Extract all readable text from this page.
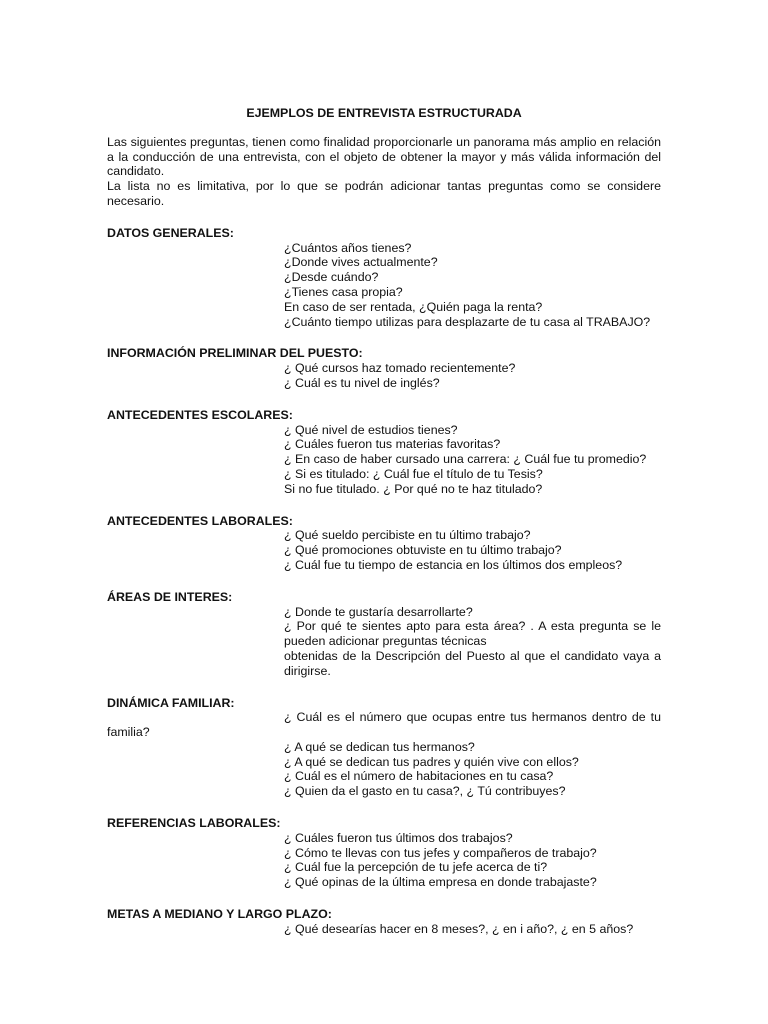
EJEMPLOS DE ENTREVISTA ESTRUCTURADA

Las siguientes preguntas, tienen como finalidad proporcionarle un panorama más amplio en relación a la conducción de una entrevista, con el objeto de obtener la mayor y más válida información del candidato.

La lista no es limitativa, por lo que se podrán adicionar tantas preguntas como se considere necesario.

DATOS GENERALES:

¿Cuántos años tienes?
¿Donde vives actualmente?
¿Desde cuándo?
¿Tienes casa propia?
En caso de ser rentada, ¿Quién paga la renta?
¿Cuánto tiempo utilizas para desplazarte de tu casa al TRABAJO?

INFORMACIÓN PRELIMINAR DEL PUESTO:

¿ Qué cursos haz tomado recientemente?
¿ Cuál es tu nivel de inglés?

ANTECEDENTES ESCOLARES:

¿ Qué nivel de estudios tienes?
¿ Cuáles fueron tus materias favoritas?
¿ En caso de haber cursado una carrera: ¿ Cuál fue tu promedio?
¿ Si es titulado: ¿ Cuál fue el título de tu Tesis?
Si no fue titulado. ¿ Por qué no te haz titulado?

ANTECEDENTES LABORALES:

¿ Qué sueldo percibiste en tu último trabajo?
¿ Qué promociones obtuviste en tu último trabajo?
¿ Cuál fue tu tiempo de estancia en los últimos dos empleos?

ÁREAS DE INTERES:

¿ Donde te gustaría desarrollarte?
¿ Por qué te sientes apto para esta área? . A esta pregunta se le pueden adicionar preguntas técnicas
obtenidas de la Descripción del Puesto al que el candidato vaya a dirigirse.

DINÁMICA FAMILIAR:

¿ Cuál es el número que ocupas entre tus hermanos dentro de tu

familia?

¿ A qué se dedican tus hermanos?
¿ A qué se dedican tus padres y quién vive con ellos?
¿ Cuál es el número de habitaciones en tu casa?
¿ Quien da el gasto en tu casa?, ¿ Tú contribuyes?

REFERENCIAS LABORALES:

¿ Cuáles fueron tus últimos dos trabajos?
¿ Cómo te llevas con tus jefes y compañeros de trabajo?
¿ Cuál fue la percepción de tu jefe acerca de ti?
¿ Qué opinas de la última empresa en donde trabajaste?

METAS A MEDIANO Y LARGO PLAZO:

¿ Qué desearías hacer en 8 meses?, ¿ en i año?, ¿ en 5 años?
